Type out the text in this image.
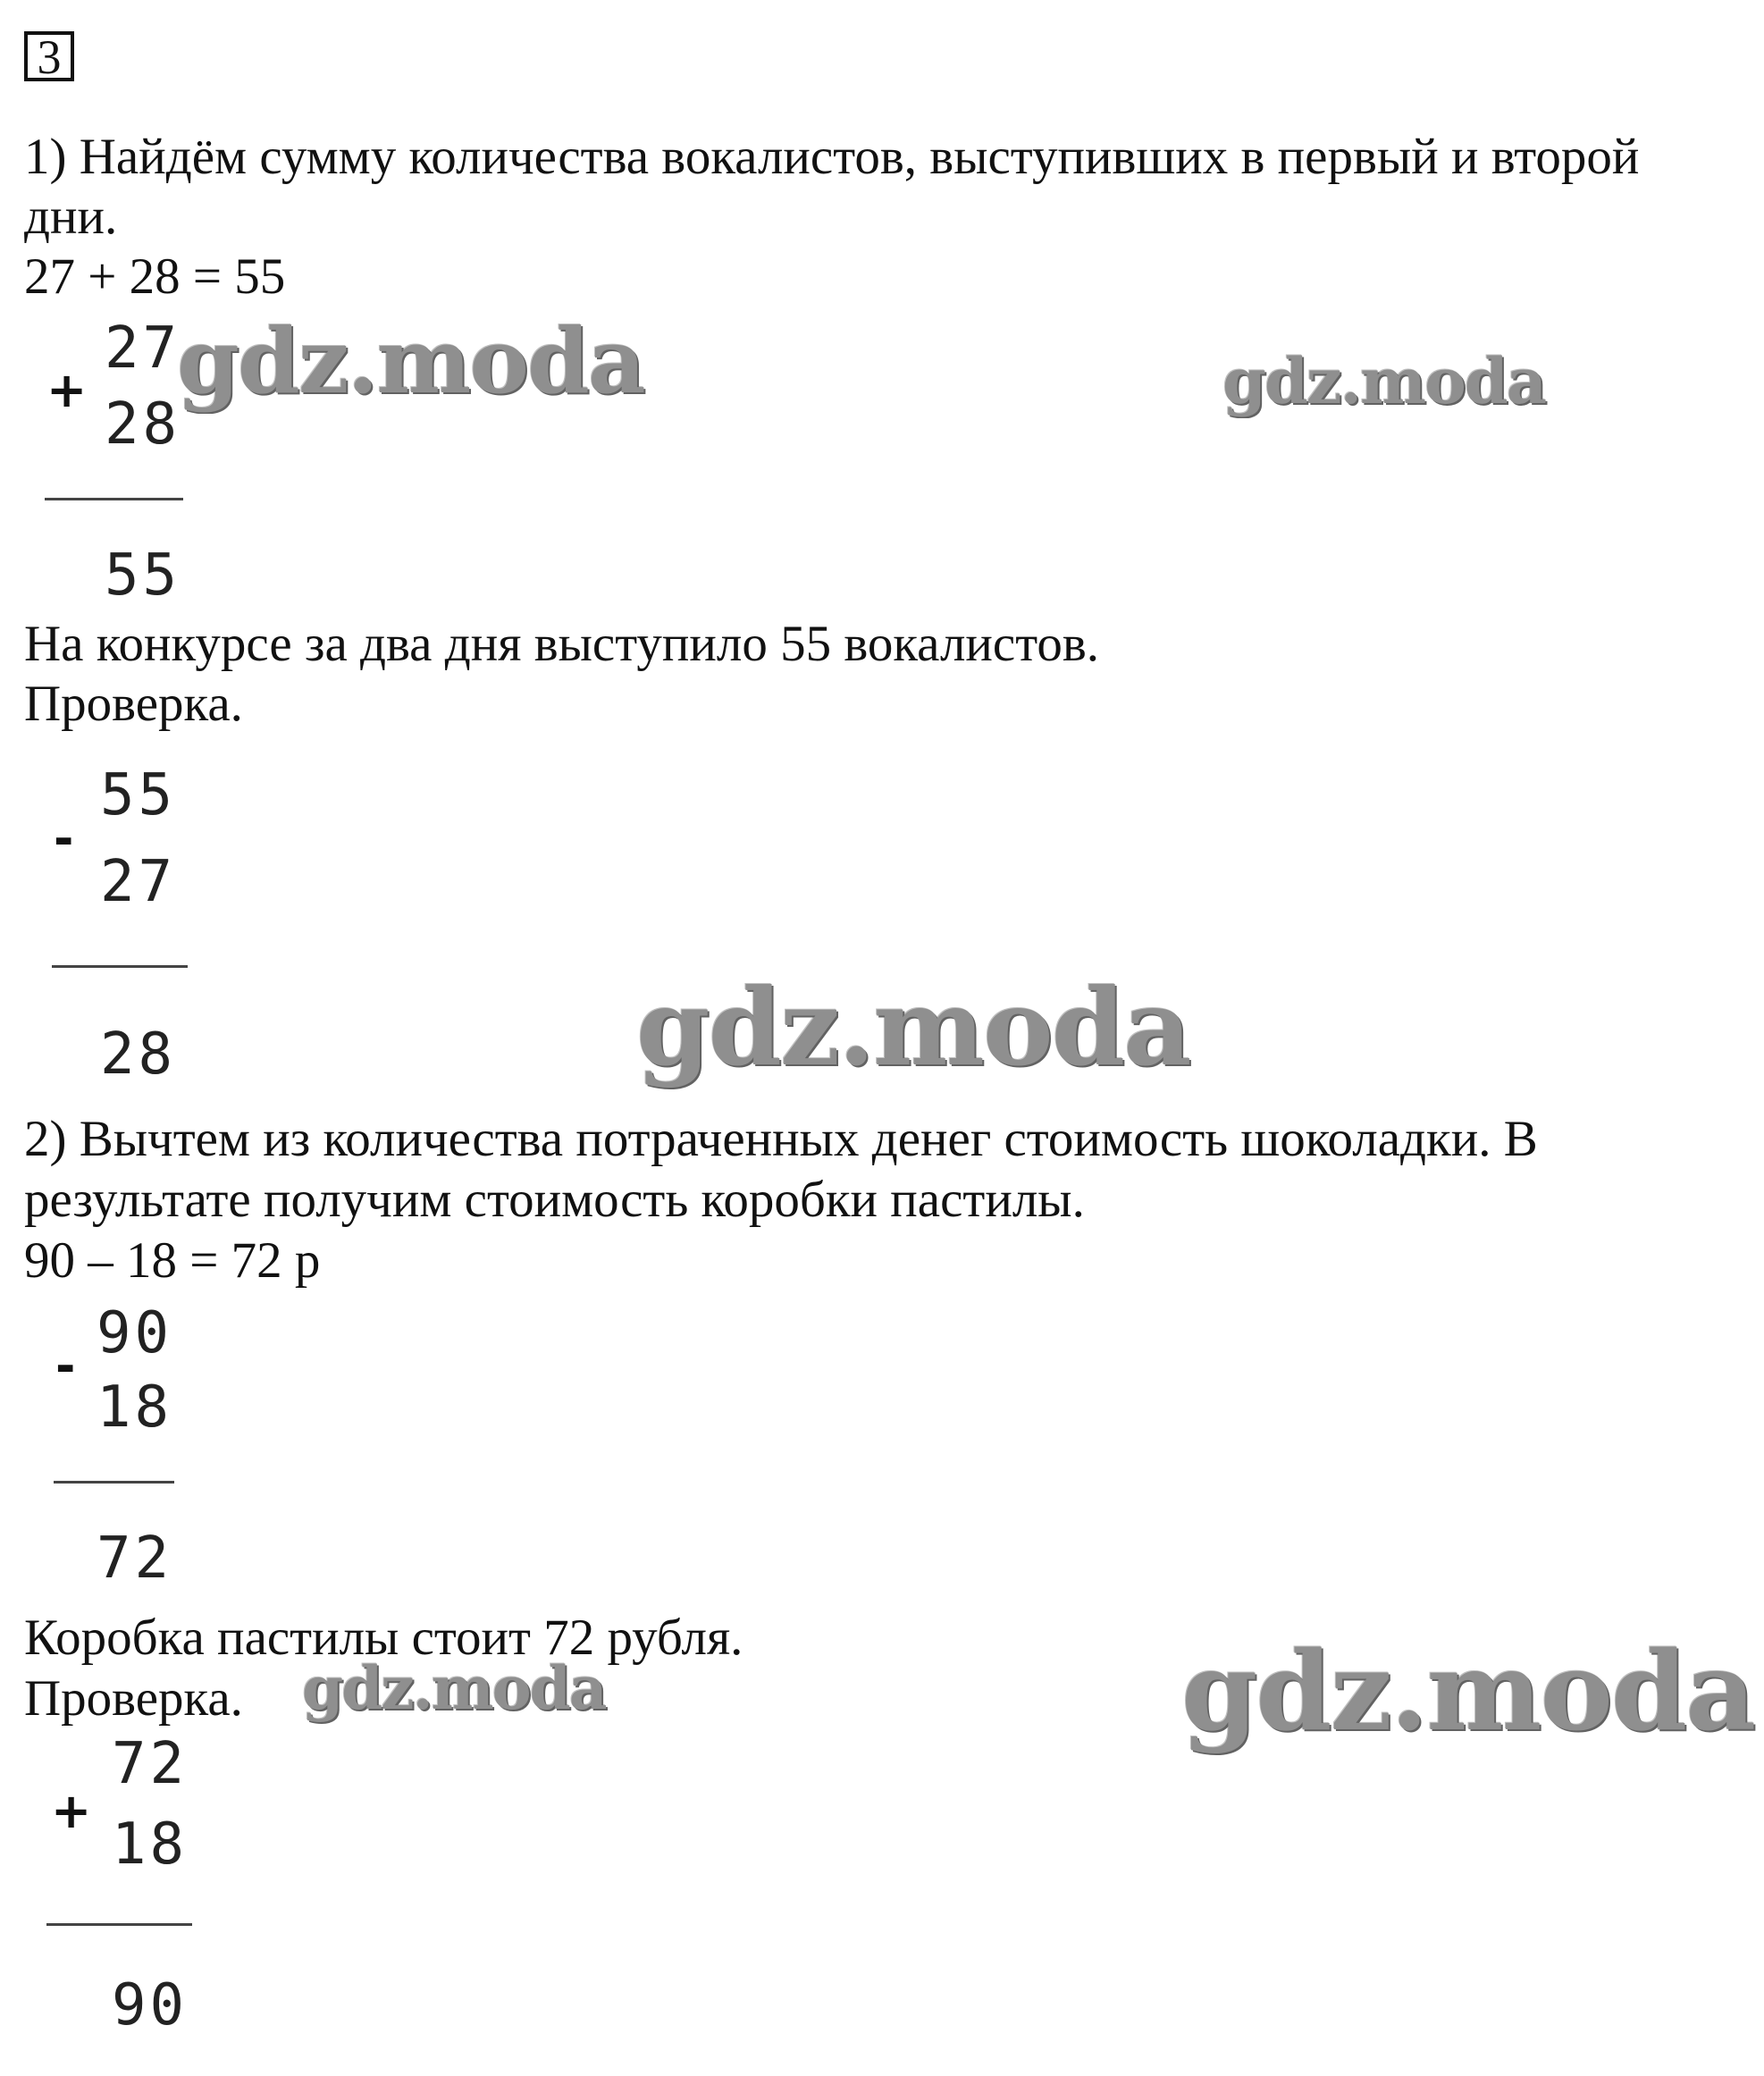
3
1) Найдём сумму количества вокалистов, выступивших в первый и второй
дни.
27 + 28 = 55
+
27
28
55
На конкурсе за два дня выступило 55 вокалистов.
Проверка.
-
55
27
28
2) Вычтем из количества потраченных денег стоимость шоколадки. В
результате получим стоимость коробки пастилы.
90 – 18 = 72 р
- 90
18
72
Коробка пастилы стоит 72 рубля.
Проверка.
+
72
18
90
gdz.moda	gdz.moda
gdz.moda
gdz.moda	gdz.moda
